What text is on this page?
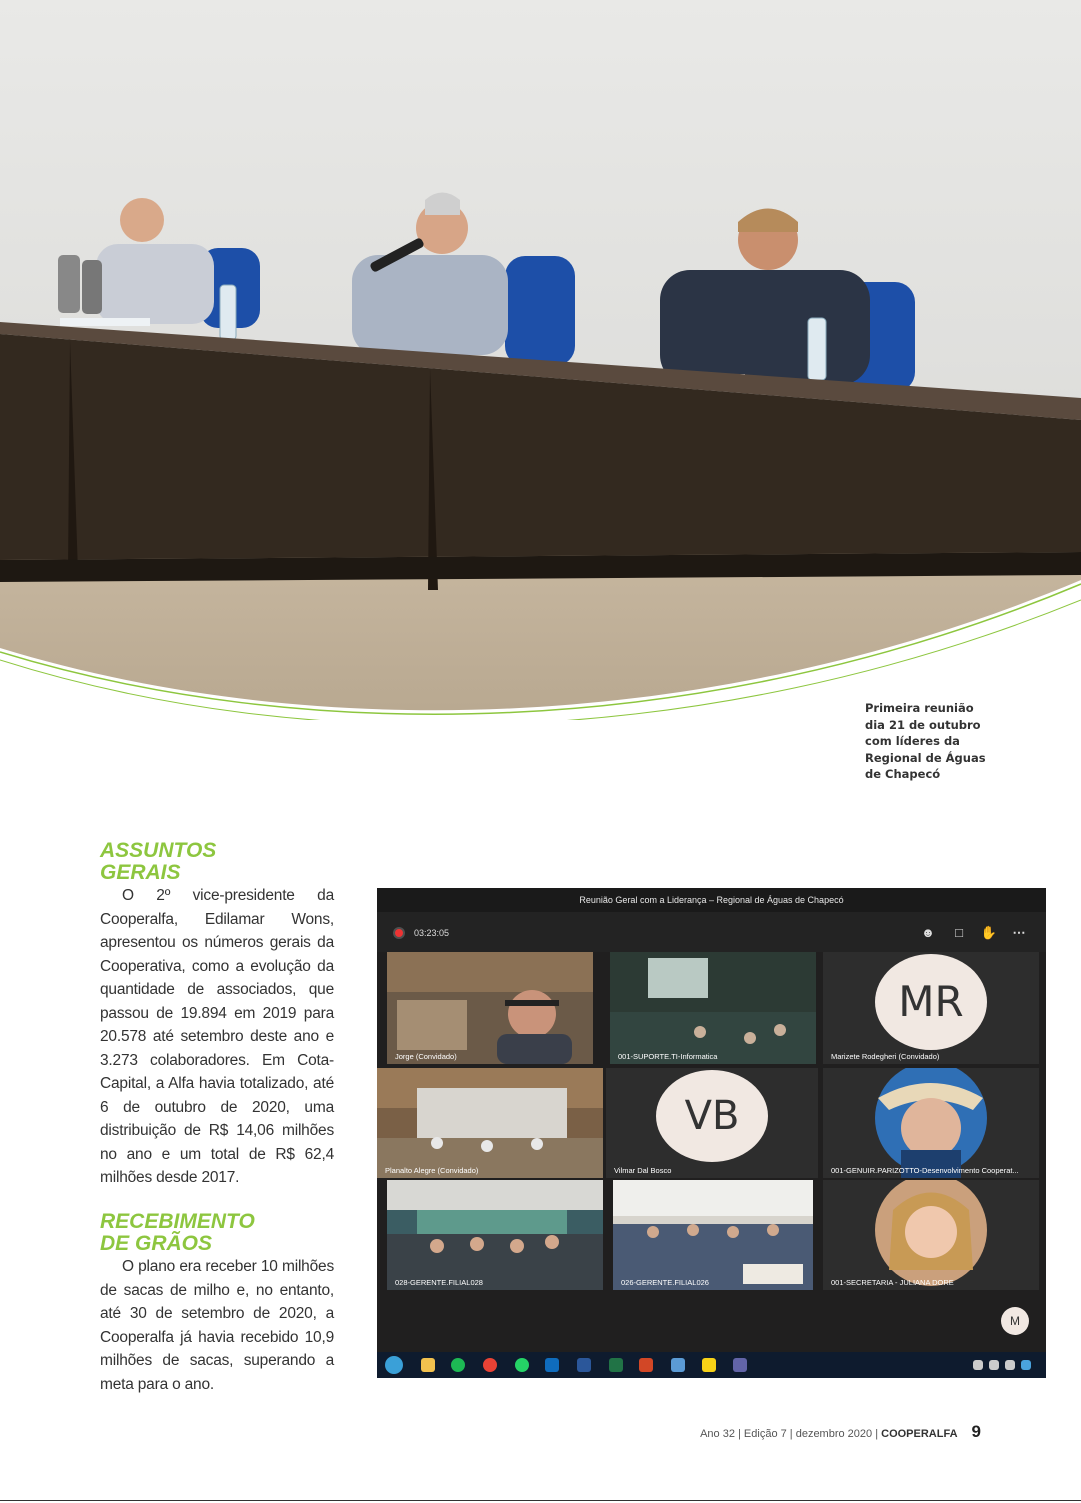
Primeira reunião
dia 21 de outubro
com líderes da
Regional de Águas
de Chapecó

ASSUNTOS
GERAIS

O 2º vice-presidente da Cooperalfa, Edilamar Wons, apresentou os números gerais da Cooperativa, como a evolução da quantidade de associados, que passou de 19.894 em 2019 para 20.578 até setembro deste ano e 3.273 colaboradores. Em Cota-Capital, a Alfa havia totalizado, até 6 de outubro de 2020, uma distribuição de R$ 14,06 milhões no ano e um total de R$ 62,4 milhões desde 2017.

RECEBIMENTO
DE GRÃOS

O plano era receber 10 milhões de sacas de milho e, no entanto, até 30 de setembro de 2020, a Cooperalfa já havia recebido 10,9 milhões de sacas, superando a meta para o ano.

Reunião Geral com a Liderança – Regional de Águas de Chapecó
03:23:05	☻	□	✋ ⋯
Jorge (Convidado)	001-SUPORTE.TI-Informatica
MR
Marizete Rodegheri (Convidado)
Planalto Alegre (Convidado)
VB
Vilmar Dal Bosco	001-GENUIR.PARIZOTTO-Desenvolvimento Cooperat...
028-GERENTE.FILIAL028	026-GERENTE.FILIAL026	001-SECRETARIA - JULIANA DORE
M
Ano 32 | Edição 7 | dezembro 2020 | COOPERALFA 9
